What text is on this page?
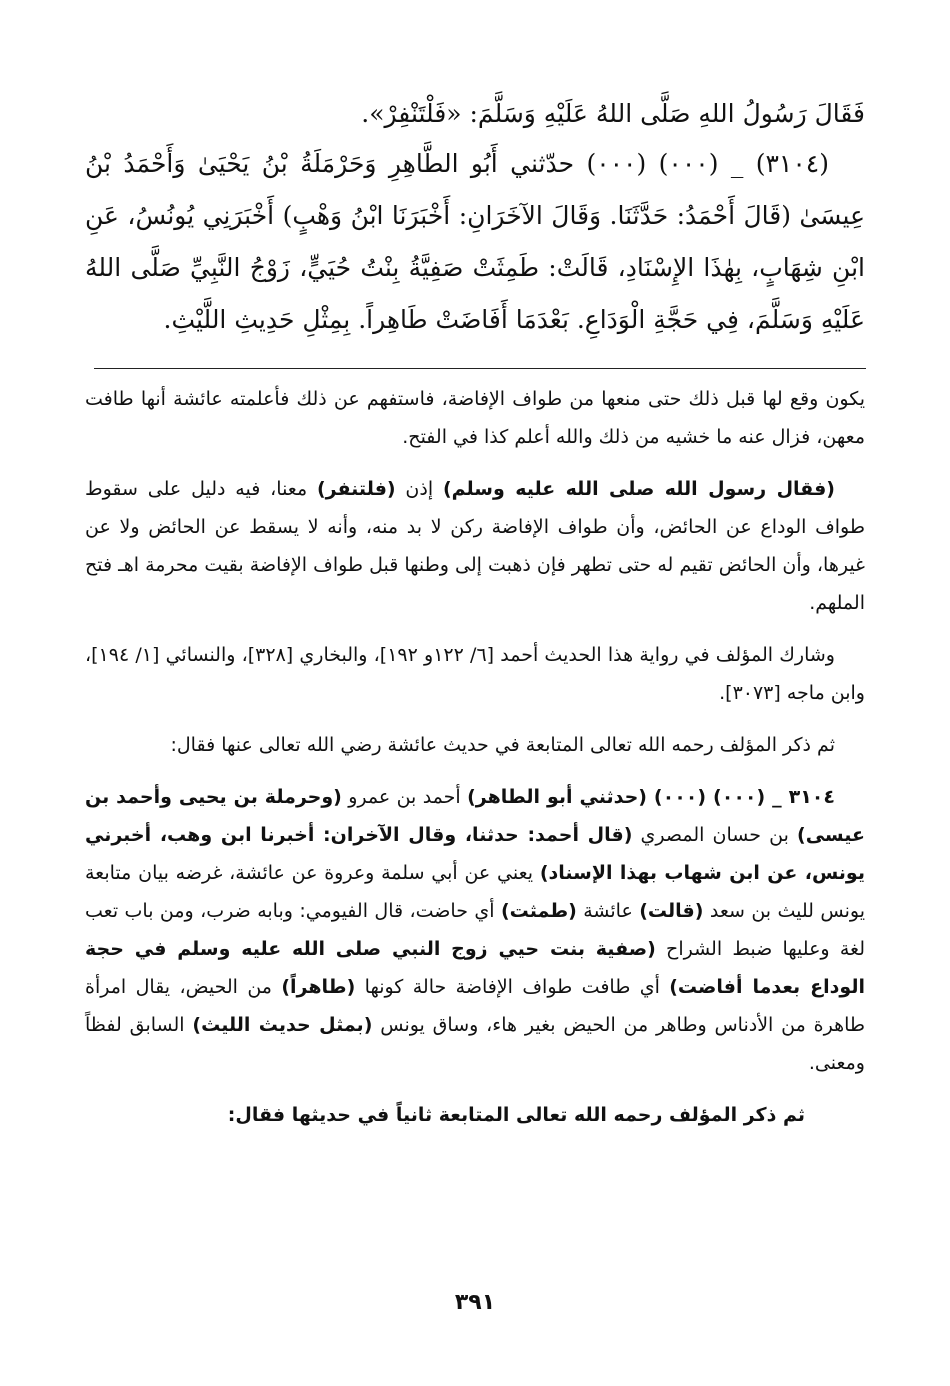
فَقَالَ رَسُولُ اللهِ صَلَّى اللهُ عَلَيْهِ وَسَلَّمَ: «فَلْتَنْفِرْ».

(٣١٠٤) _ (٠٠٠) (٠٠٠) حدّثني أَبُو الطَّاهِرِ وَحَرْمَلَةُ بْنُ يَحْيَىٰ وَأَحْمَدُ بْنُ عِيسَىٰ (قَالَ أَحْمَدُ: حَدَّثَنَا. وَقَالَ الآخَرَانِ: أَخْبَرَنَا ابْنُ وَهْبٍ) أَخْبَرَنِي يُونُسُ، عَنِ ابْنِ شِهَابٍ، بِهٰذَا الإِسْنَادِ، قَالَتْ: طَمِثَتْ صَفِيَّةُ بِنْتُ حُيَيٍّ، زَوْجُ النَّبِيِّ صَلَّى اللهُ عَلَيْهِ وَسَلَّمَ، فِي حَجَّةِ الْوَدَاعِ. بَعْدَمَا أَفَاضَتْ طَاهِراً. بِمِثْلِ حَدِيثِ اللَّيْثِ.

يكون وقع لها قبل ذلك حتى منعها من طواف الإفاضة، فاستفهم عن ذلك فأعلمته عائشة أنها طافت معهن، فزال عنه ما خشيه من ذلك والله أعلم كذا في الفتح.

(فقال رسول الله صلى الله عليه وسلم) إذن (فلتنفر) معنا، فيه دليل على سقوط طواف الوداع عن الحائض، وأن طواف الإفاضة ركن لا بد منه، وأنه لا يسقط عن الحائض ولا عن غيرها، وأن الحائض تقيم له حتى تطهر فإن ذهبت إلى وطنها قبل طواف الإفاضة بقيت محرمة اهـ فتح الملهم.

وشارك المؤلف في رواية هذا الحديث أحمد [٦/ ١٢٢و ١٩٢]، والبخاري [٣٢٨]، والنسائي [١/ ١٩٤]، وابن ماجه [٣٠٧٣].

ثم ذكر المؤلف رحمه الله تعالى المتابعة في حديث عائشة رضي الله تعالى عنها فقال:

٣١٠٤ _ (٠٠٠) (٠٠٠) (حدثني أبو الطاهر) أحمد بن عمرو (وحرملة بن يحيى وأحمد بن عيسى) بن حسان المصري (قال أحمد: حدثنا، وقال الآخران: أخبرنا ابن وهب، أخبرني يونس، عن ابن شهاب بهذا الإسناد) يعني عن أبي سلمة وعروة عن عائشة، غرضه بيان متابعة يونس لليث بن سعد (قالت) عائشة (طمثت) أي حاضت، قال الفيومي: وبابه ضرب، ومن باب تعب لغة وعليها ضبط الشراح (صفية بنت حيي زوج النبي صلى الله عليه وسلم في حجة الوداع بعدما أفاضت) أي طافت طواف الإفاضة حالة كونها (طاهراً) من الحيض، يقال امرأة طاهرة من الأدناس وطاهر من الحيض بغير هاء، وساق يونس (بمثل حديث الليث) السابق لفظاً ومعنى.

ثم ذكر المؤلف رحمه الله تعالى المتابعة ثانياً في حديثها فقال:

٣٩١
